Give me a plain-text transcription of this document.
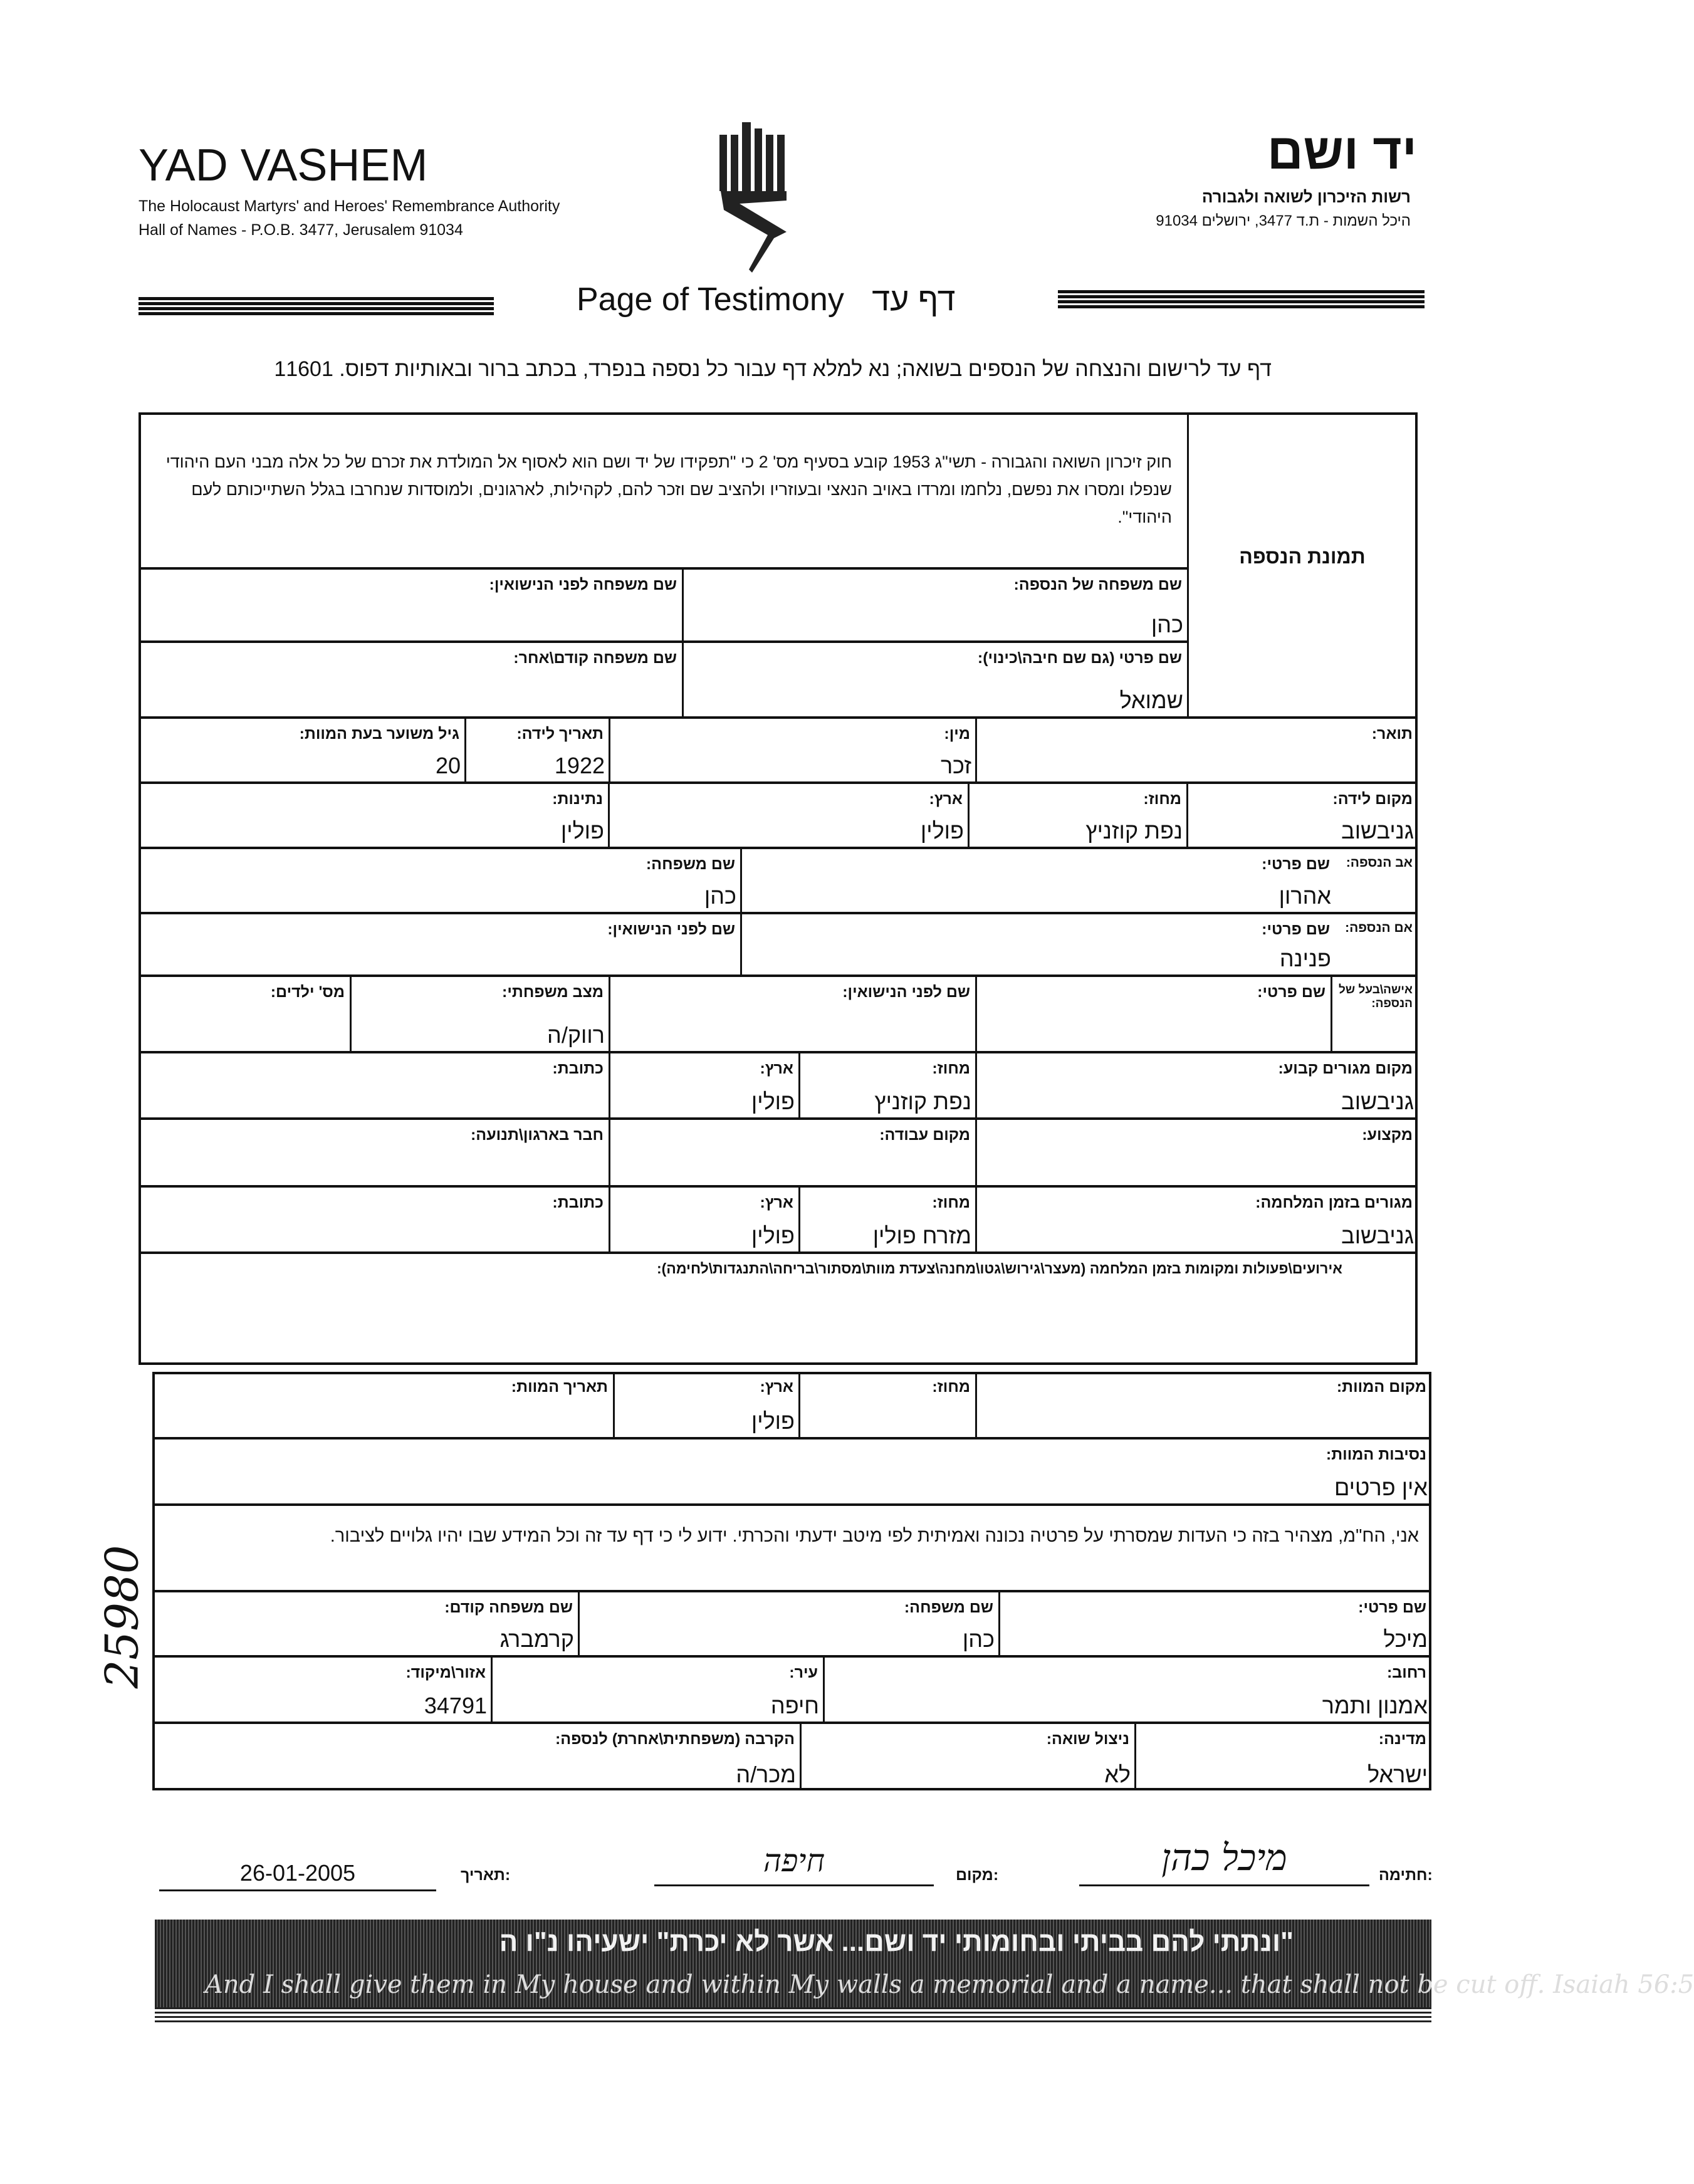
YAD VASHEM
The Holocaust Martyrs' and Heroes' Remembrance Authority
Hall of Names - P.O.B. 3477, Jerusalem 91034
יד ושם
רשות הזיכרון לשואה ולגבורה
היכל השמות - ת.ד 3477, ירושלים 91034
Page of Testimony דף עד
דף עד לרישום והנצחה של הנספים בשואה; נא למלא דף עבור כל נספה בנפרד, בכתב ברור ובאותיות דפוס. 11601
חוק זיכרון השואה והגבורה - תשי"ג 1953 קובע בסעיף מס' 2 כי "תפקידו של יד ושם הוא לאסוף אל המולדת את זכרם של כל אלה מבני העם היהודי שנפלו ומסרו את נפשם, נלחמו ומרדו באויב הנאצי ובעוזריו ולהציב שם וזכר להם, לקהילות, לארגונים, ולמוסדות שנחרבו בגלל השתייכותם לעם היהודי".
תמונת הנספה
שם משפחה של הנספה:
כהן
שם משפחה לפני הנישואין:
שם פרטי (גם שם חיבה\כינוי):
שמואל
שם משפחה קודם\אחר:
תואר:
מין:
זכר
תאריך לידה:
1922
גיל משוער בעת המוות:
20
מקום לידה:
גניבשוב
מחוז:
נפת קוזניץ
ארץ:
פולין
נתינות:
פולין
אב הנספה:
שם פרטי:
אהרון
שם משפחה:
כהן
אם הנספה:
שם פרטי:
פנינה
שם לפני הנישואין:
אישה\בעל של הנספה:
שם פרטי:
שם לפני הנישואין:
מצב משפחתי:
רווק/ה
מס' ילדים:
מקום מגורים קבוע:
גניבשוב
מחוז:
נפת קוזניץ
ארץ:
פולין
כתובת:
מקצוע:
מקום עבודה:
חבר בארגון\תנועה:
מגורים בזמן המלחמה:
גניבשוב
מחוז:
מזרח פולין
ארץ:
פולין
כתובת:
אירועים\פעולות ומקומות בזמן המלחמה (מעצר\גירוש\גטו\מחנה\צעדת מוות\מסתור\בריחה\התנגדות\לחימה):
מקום המוות:
מחוז:
ארץ:
פולין
תאריך המוות:
נסיבות המוות:
אין פרטים
אני, הח"מ, מצהיר בזה כי העדות שמסרתי על פרטיה נכונה ואמיתית לפי מיטב ידעתי והכרתי. ידוע לי כי דף עד זה וכל המידע שבו יהיו גלויים לציבור.
שם פרטי:
מיכל
שם משפחה:
כהן
שם משפחה קודם:
קרמברג
רחוב:
אמנון ותמר
עיר:
חיפה
אזור\מיקוד:
34791
מדינה:
ישראל
ניצול שואה:
לא
הקרבה (משפחתית\אחרת) לנספה:
מכר/ה
25980
תאריך:
26-01-2005	מקום:
חיפה	חתימה:
מיכל כהן
"ונתתי להם בביתי ובחומותי יד ושם... אשר לא יכרת" ישעיהו נ"ו ה
And I shall give them in My house and within My walls a memorial and a name... that shall not be cut off. Isaiah 56:5
